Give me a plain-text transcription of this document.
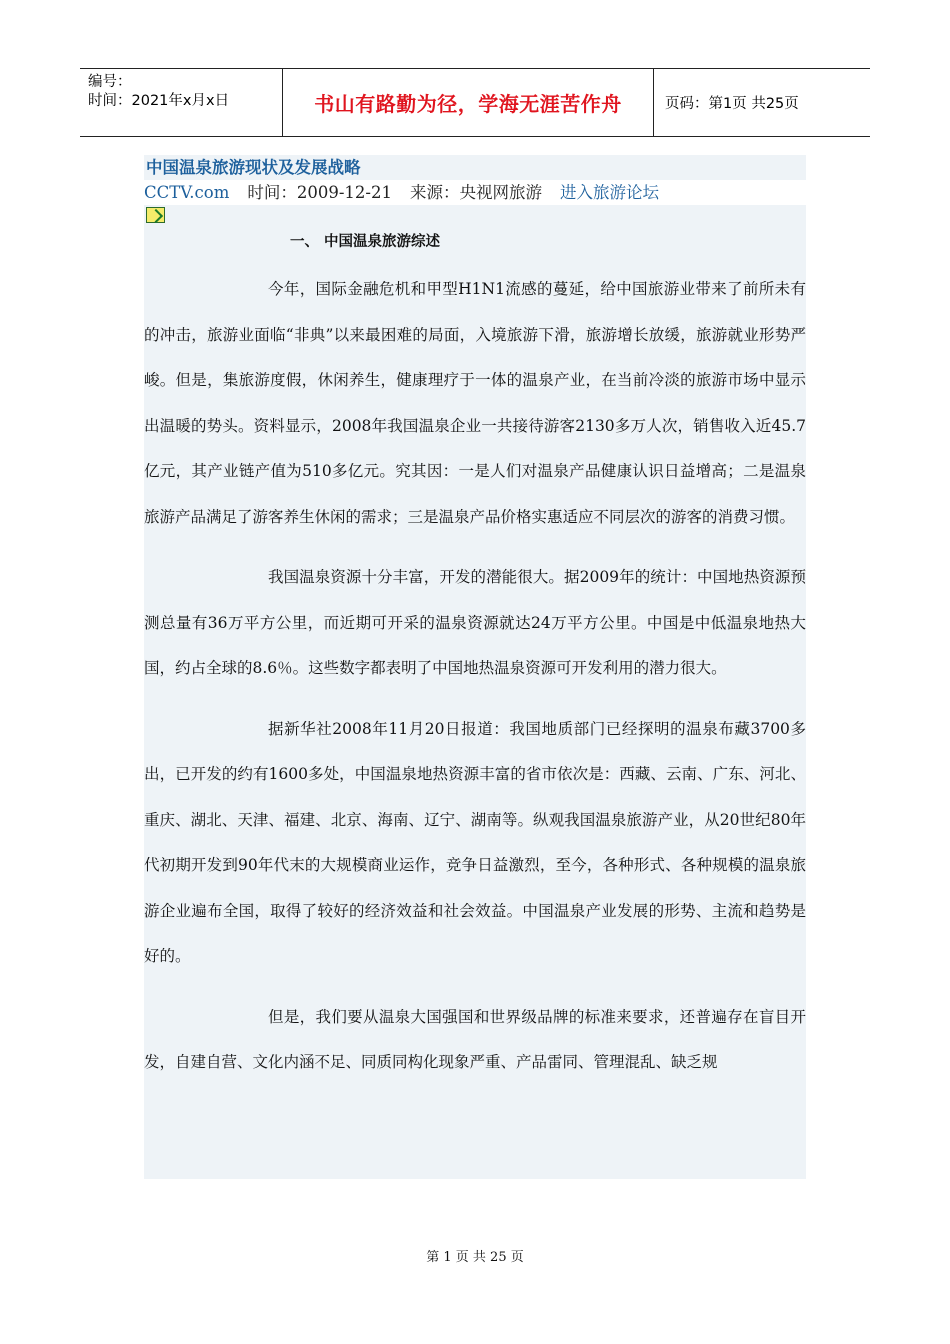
编号：
时间：2021年x月x日	书山有路勤为径，学海无涯苦作舟	页码：第1页 共25页
中国温泉旅游现状及发展战略
CCTV.com 时间：2009-12-21 来源：央视网旅游 进入旅游论坛
一、 中国温泉旅游综述

今年，国际金融危机和甲型H1N1流感的蔓延，给中国旅游业带来了前所未有的冲击，旅游业面临“非典”以来最困难的局面，入境旅游下滑，旅游增长放缓，旅游就业形势严峻。但是，集旅游度假，休闲养生，健康理疗于一体的温泉产业，在当前冷淡的旅游市场中显示出温暖的势头。资料显示，2008年我国温泉企业一共接待游客2130多万人次，销售收入近45.7亿元，其产业链产值为510多亿元。究其因：一是人们对温泉产品健康认识日益增高；二是温泉旅游产品满足了游客养生休闲的需求；三是温泉产品价格实惠适应不同层次的游客的消费习惯。

我国温泉资源十分丰富，开发的潜能很大。据2009年的统计：中国地热资源预测总量有36万平方公里，而近期可开采的温泉资源就达24万平方公里。中国是中低温泉地热大国，约占全球的8.6％。这些数字都表明了中国地热温泉资源可开发利用的潜力很大。

据新华社2008年11月20日报道：我国地质部门已经探明的温泉布藏3700多出，已开发的约有1600多处，中国温泉地热资源丰富的省市依次是：西藏、云南、广东、河北、重庆、湖北、天津、福建、北京、海南、辽宁、湖南等。纵观我国温泉旅游产业，从20世纪80年代初期开发到90年代末的大规模商业运作，竞争日益激烈，至今，各种形式、各种规模的温泉旅游企业遍布全国，取得了较好的经济效益和社会效益。中国温泉产业发展的形势、主流和趋势是好的。

但是，我们要从温泉大国强国和世界级品牌的标准来要求，还普遍存在盲目开发，自建自营、文化内涵不足、同质同构化现象严重、产品雷同、管理混乱、缺乏规

第 1 页 共 25 页
